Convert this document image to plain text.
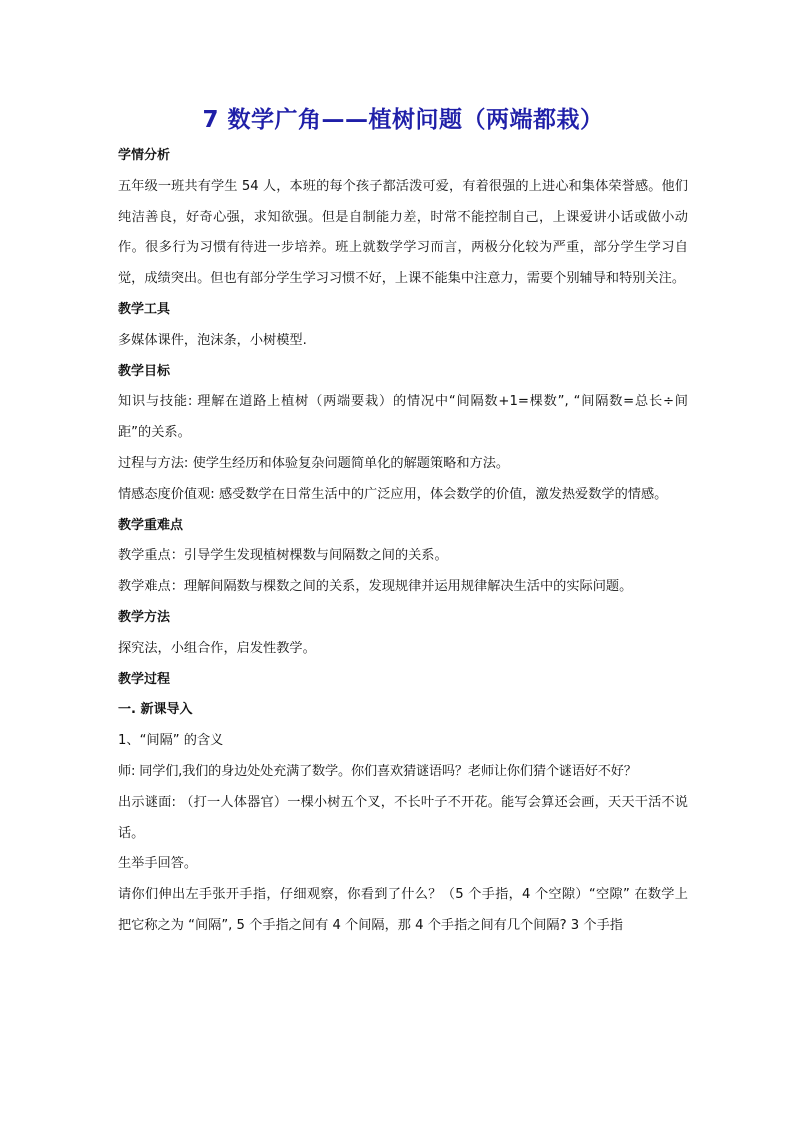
7 数学广角——植树问题（两端都栽）

学情分析

五年级一班共有学生 54 人，本班的每个孩子都活泼可爱，有着很强的上进心和集体荣誉感。他们纯洁善良，好奇心强，求知欲强。但是自制能力差，时常不能控制自己，上课爱讲小话或做小动作。很多行为习惯有待进一步培养。班上就数学学习而言，两极分化较为严重，部分学生学习自觉，成绩突出。但也有部分学生学习习惯不好，上课不能集中注意力，需要个别辅导和特别关注。

教学工具

多媒体课件，泡沫条，小树模型.

教学目标

知识与技能: 理解在道路上植树（两端要栽）的情况中“间隔数+1=棵数”, “间隔数=总长÷间距”的关系。

过程与方法: 使学生经历和体验复杂问题简单化的解题策略和方法。

情感态度价值观: 感受数学在日常生活中的广泛应用，体会数学的价值，激发热爱数学的情感。

教学重难点

教学重点：引导学生发现植树棵数与间隔数之间的关系。

教学难点：理解间隔数与棵数之间的关系，发现规律并运用规律解决生活中的实际问题。

教学方法

探究法，小组合作，启发性教学。

教学过程

一. 新课导入

1、“间隔” 的含义

师: 同学们,我们的身边处处充满了数学。你们喜欢猜谜语吗？老师让你们猜个谜语好不好？

出示谜面: （打一人体器官）一棵小树五个叉，不长叶子不开花。能写会算还会画，天天干活不说话。

生举手回答。

请你们伸出左手张开手指，仔细观察，你看到了什么？（5 个手指，4 个空隙）“空隙” 在数学上把它称之为 “间隔”, 5 个手指之间有 4 个间隔，那 4 个手指之间有几个间隔? 3 个手指
